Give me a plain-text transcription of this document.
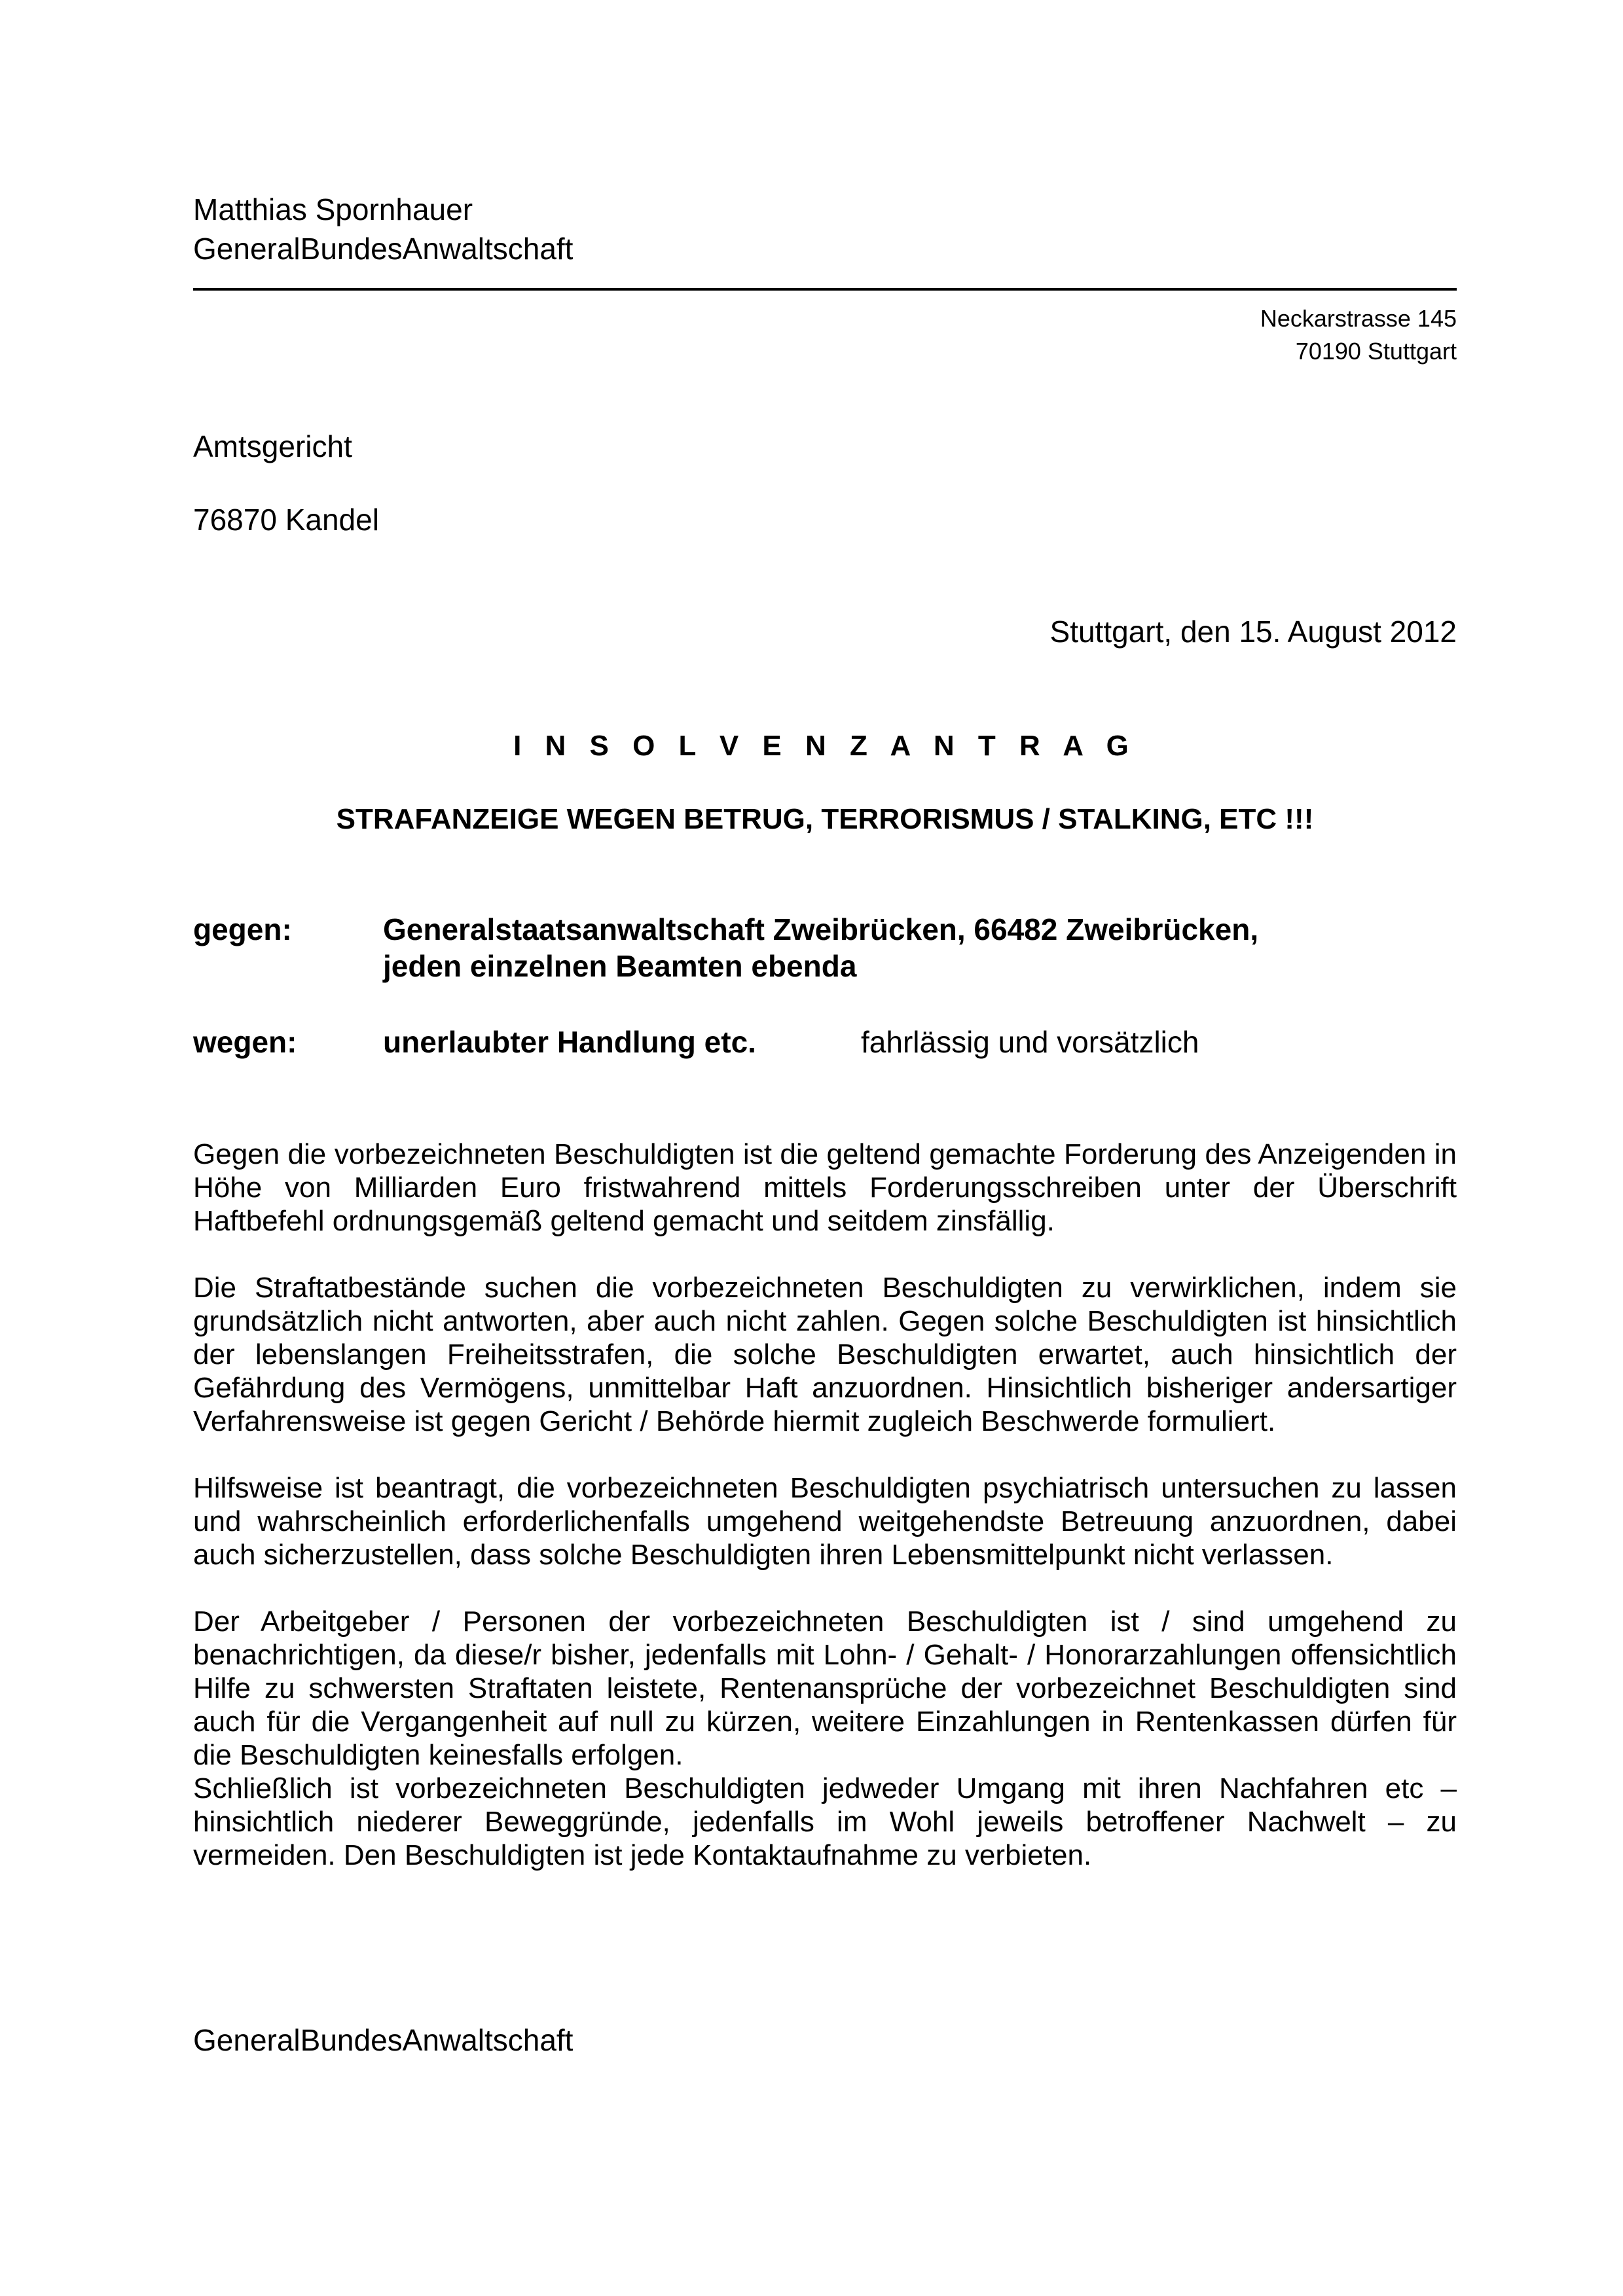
Matthias Spornhauer
GeneralBundesAnwaltschaft
Neckarstrasse 145
70190 Stuttgart
Amtsgericht
76870 Kandel
Stuttgart, den 15. August 2012
I N S O L V E N Z A N T R A G
STRAFANZEIGE WEGEN BETRUG, TERRORISMUS / STALKING, ETC !!!
gegen:	Generalstaatsanwaltschaft Zweibrücken, 66482 Zweibrücken,
jeden einzelnen Beamten ebenda
wegen:	unerlaubter Handlung etc.	fahrlässig und vorsätzlich

Gegen die vorbezeichneten Beschuldigten ist die geltend gemachte Forderung des Anzeigenden in Höhe von Milliarden Euro fristwahrend mittels Forderungsschreiben unter der Überschrift Haftbefehl ordnungsgemäß geltend gemacht und seitdem zinsfällig.

Die Straftatbestände suchen die vorbezeichneten Beschuldigten zu verwirklichen, indem sie grundsätzlich nicht antworten, aber auch nicht zahlen. Gegen solche Beschuldigten ist hinsichtlich der lebenslangen Freiheitsstrafen, die solche Beschuldigten erwartet, auch hinsichtlich der Gefährdung des Vermögens, unmittelbar Haft anzuordnen. Hinsichtlich bisheriger andersartiger Verfahrensweise ist gegen Gericht / Behörde hiermit zugleich Beschwerde formuliert.

Hilfsweise ist beantragt, die vorbezeichneten Beschuldigten psychiatrisch untersuchen zu lassen und wahrscheinlich erforderlichenfalls umgehend weitgehendste Betreuung anzuordnen, dabei auch sicherzustellen, dass solche Beschuldigten ihren Lebensmittelpunkt nicht verlassen.

Der Arbeitgeber / Personen der vorbezeichneten Beschuldigten ist / sind umgehend zu benachrichtigen, da diese/r bisher, jedenfalls mit Lohn- / Gehalt- / Honorarzahlungen offensichtlich Hilfe zu schwersten Straftaten leistete, Rentenansprüche der vorbezeichnet Beschuldigten sind auch für die Vergangenheit auf null zu kürzen, weitere Einzahlungen in Rentenkassen dürfen für die Beschuldigten keinesfalls erfolgen.

Schließlich ist vorbezeichneten Beschuldigten jedweder Umgang mit ihren Nachfahren etc – hinsichtlich niederer Beweggründe, jedenfalls im Wohl jeweils betroffener Nachwelt – zu vermeiden. Den Beschuldigten ist jede Kontaktaufnahme zu verbieten.

GeneralBundesAnwaltschaft
